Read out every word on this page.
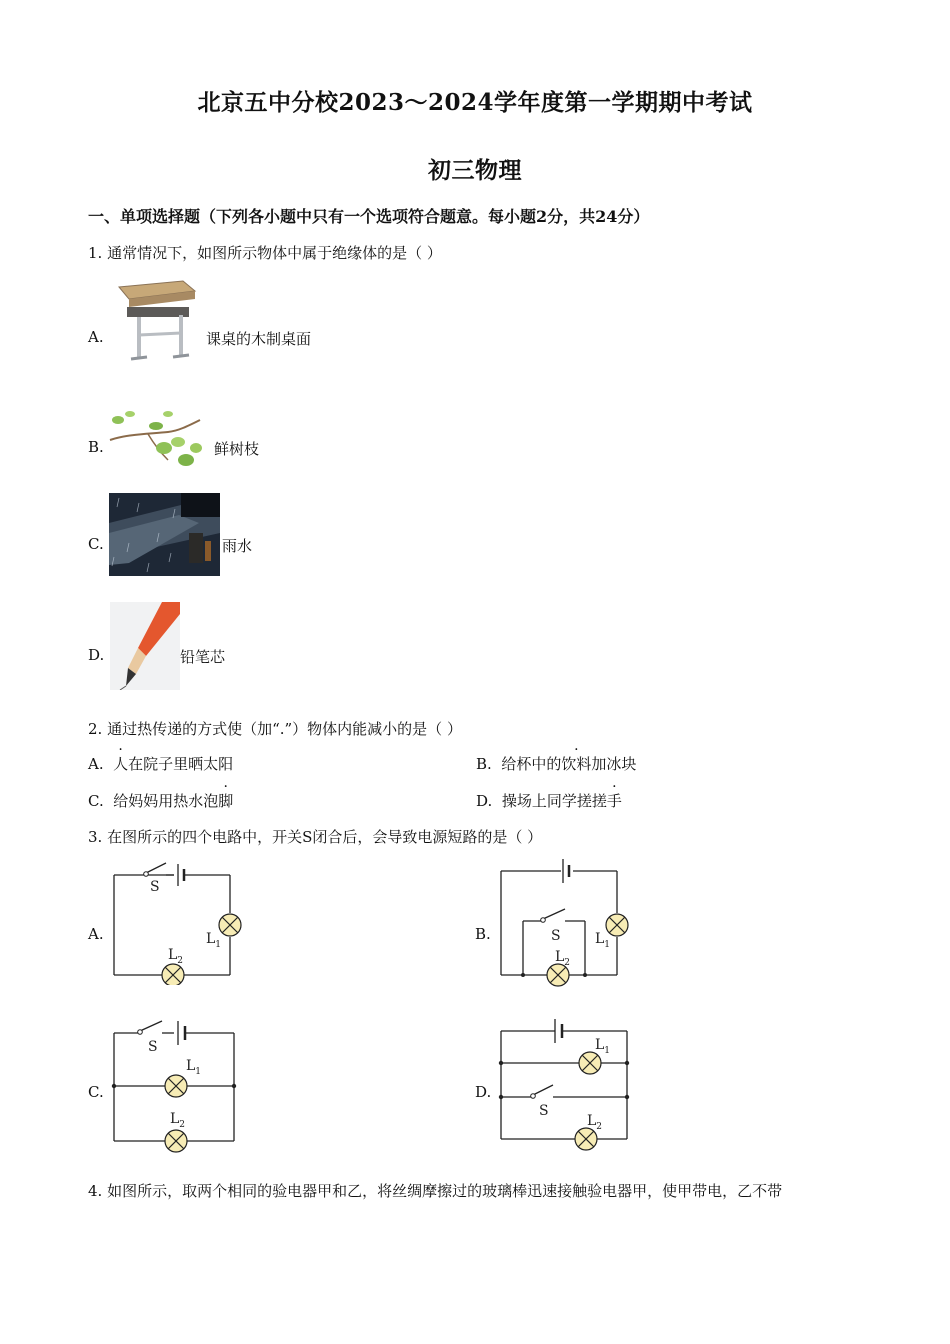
北京五中分校2023～2024学年度第一学期期中考试
初三物理
一、单项选择题（下列各小题中只有一个选项符合题意。每小题2分，共24分）
1. 通常情况下，如图所示物体中属于绝缘体的是（ ）
A.	课桌的木制桌面
B.	鲜树枝
C.	雨水
D.	铅笔芯
2. 通过热传递的方式使（加“.”）物体内能减小的是（ ）
A. 人在院子里晒太阳	B. 给杯中的饮料加冰块
C. 给妈妈用热水泡脚	D. 操场上同学搓搓手
3. 在图所示的四个电路中，开关S闭合后，会导致电源短路的是（ ）
A.
S
$L_1$
$L_2$
B.	S $L_1$
$L_2$
C.
S
$L_1$
$L_2$
D.
S
$L_1$
$L_2$
4. 如图所示，取两个相同的验电器甲和乙，将丝绸摩擦过的玻璃棒迅速接触验电器甲，使甲带电，乙不带
